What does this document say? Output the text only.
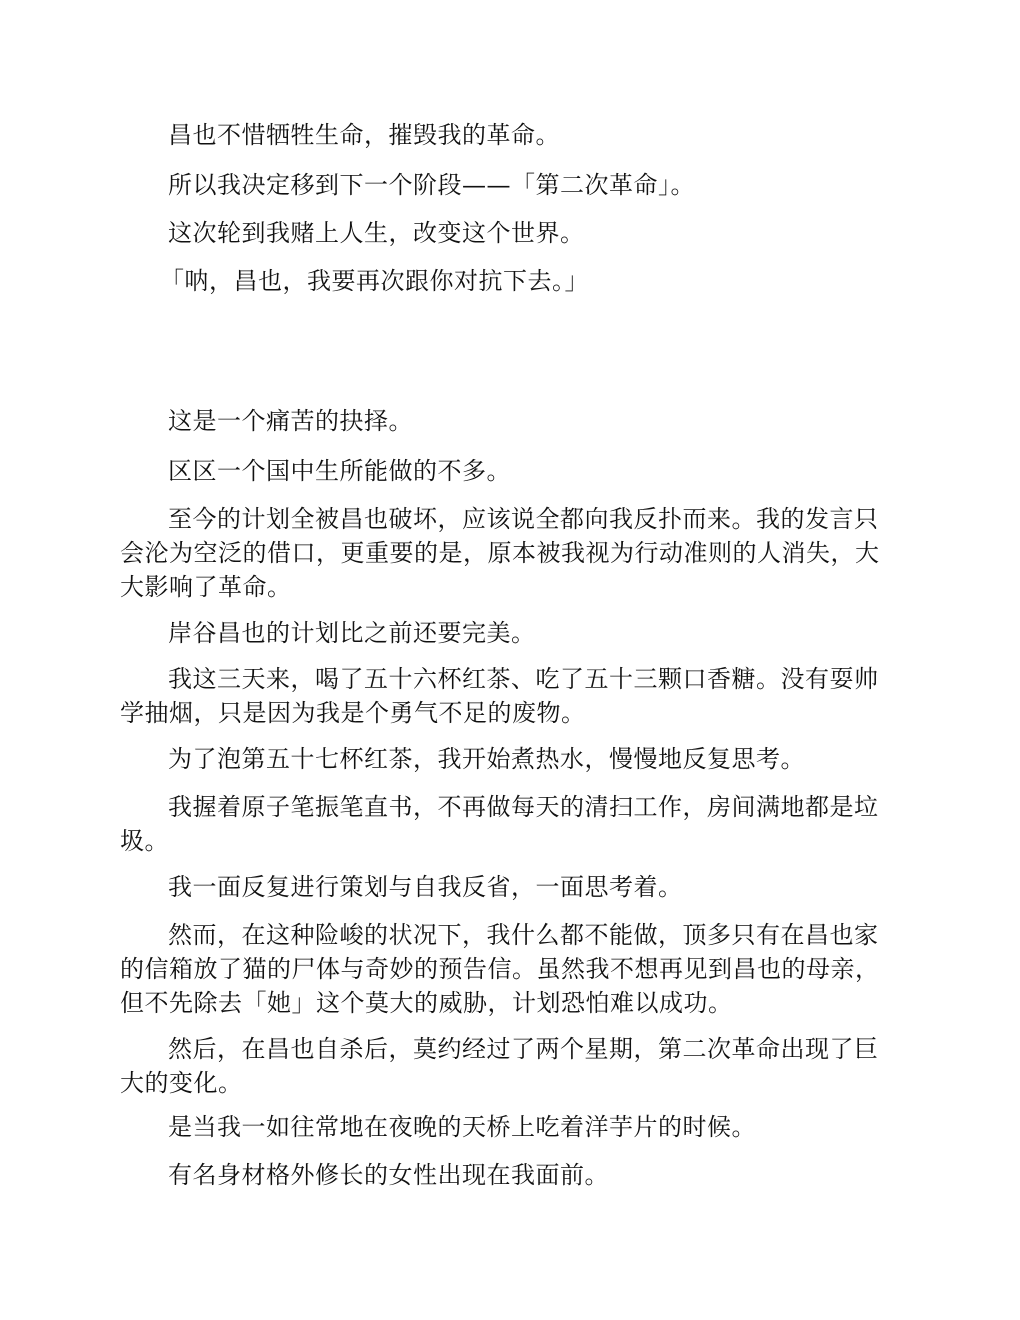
昌也不惜牺牲生命，摧毁我的革命。

所以我决定移到下一个阶段——「第二次革命」。

这次轮到我赌上人生，改变这个世界。

「呐，昌也，我要再次跟你对抗下去。」

这是一个痛苦的抉择。

区区一个国中生所能做的不多。

至今的计划全被昌也破坏，应该说全都向我反扑而来。我的发言只会沦为空泛的借口，更重要的是，原本被我视为行动准则的人消失，大大影响了革命。

岸谷昌也的计划比之前还要完美。

我这三天来，喝了五十六杯红茶、吃了五十三颗口香糖。没有耍帅学抽烟，只是因为我是个勇气不足的废物。

为了泡第五十七杯红茶，我开始煮热水，慢慢地反复思考。

我握着原子笔振笔直书，不再做每天的清扫工作，房间满地都是垃圾。

我一面反复进行策划与自我反省，一面思考着。

然而，在这种险峻的状况下，我什么都不能做，顶多只有在昌也家的信箱放了猫的尸体与奇妙的预告信。虽然我不想再见到昌也的母亲，但不先除去「她」这个莫大的威胁，计划恐怕难以成功。

然后，在昌也自杀后，莫约经过了两个星期，第二次革命出现了巨大的变化。

是当我一如往常地在夜晚的天桥上吃着洋芋片的时候。

有名身材格外修长的女性出现在我面前。
